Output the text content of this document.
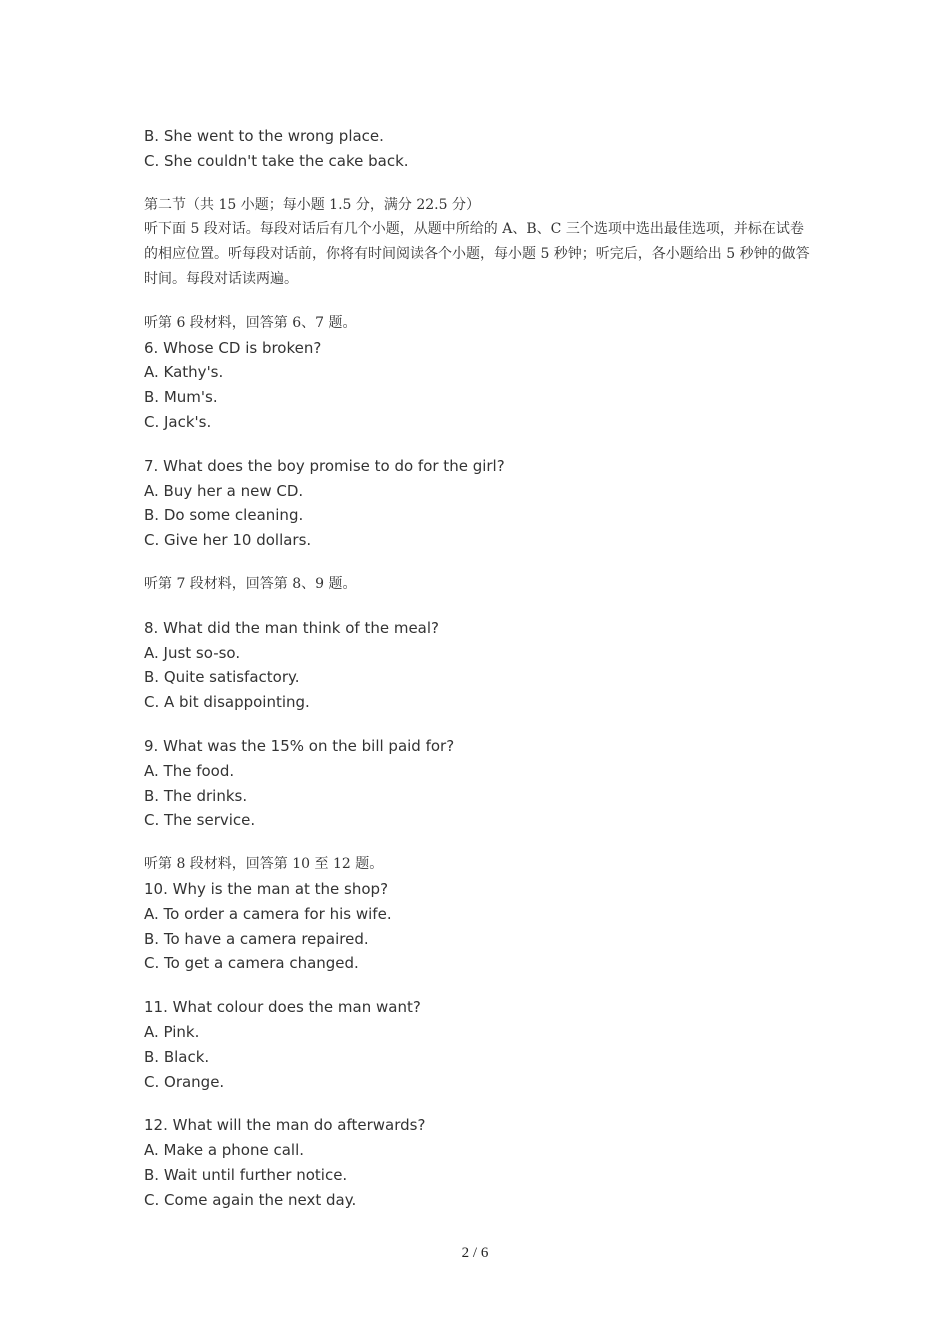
B. She went to the wrong place.

C. She couldn't take the cake back.

第二节（共 15 小题；每小题 1.5 分，满分 22.5 分）

听下面 5 段对话。每段对话后有几个小题，从题中所给的 A、B、C 三个选项中选出最佳选项，并标在试卷的相应位置。听每段对话前，你将有时间阅读各个小题，每小题 5 秒钟；听完后，各小题给出 5 秒钟的做答时间。每段对话读两遍。

听第 6 段材料，回答第 6、7 题。

6. Whose CD is broken?

A. Kathy's.

B. Mum's.

C. Jack's.

7. What does the boy promise to do for the girl?

A. Buy her a new CD.

B. Do some cleaning.

C. Give her 10 dollars.

听第 7 段材料，回答第 8、9 题。

8. What did the man think of the meal?

A. Just so-so.

B. Quite satisfactory.

C. A bit disappointing.

9. What was the 15% on the bill paid for?

A. The food.

B. The drinks.

C. The service.

听第 8 段材料，回答第 10 至 12 题。

10. Why is the man at the shop?

A. To order a camera for his wife.

B. To have a camera repaired.

C. To get a camera changed.

11. What colour does the man want?

A. Pink.

B. Black.

C. Orange.

12. What will the man do afterwards?

A. Make a phone call.

B. Wait until further notice.

C. Come again the next day.

2 / 6
